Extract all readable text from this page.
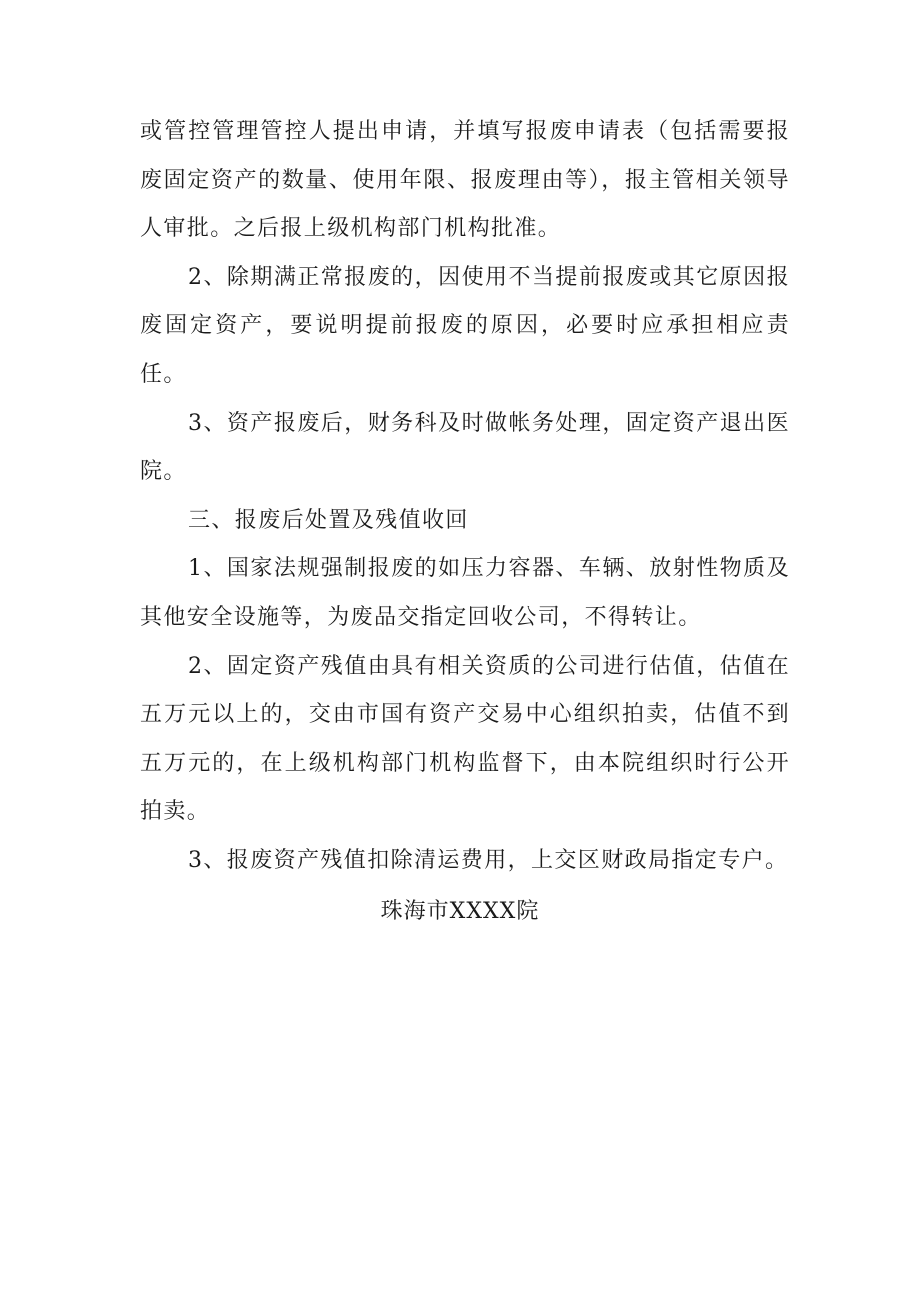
或管控管理管控人提出申请，并填写报废申请表（包括需要报废固定资产的数量、使用年限、报废理由等），报主管相关领导人审批。之后报上级机构部门机构批准。

2、除期满正常报废的，因使用不当提前报废或其它原因报废固定资产，要说明提前报废的原因，必要时应承担相应责任。

3、资产报废后，财务科及时做帐务处理，固定资产退出医院。

三、报废后处置及残值收回

1、国家法规强制报废的如压力容器、车辆、放射性物质及其他安全设施等，为废品交指定回收公司，不得转让。

2、固定资产残值由具有相关资质的公司进行估值，估值在五万元以上的，交由市国有资产交易中心组织拍卖，估值不到五万元的，在上级机构部门机构监督下，由本院组织时行公开拍卖。

3、报废资产残值扣除清运费用，上交区财政局指定专户。

珠海市XXXX院
